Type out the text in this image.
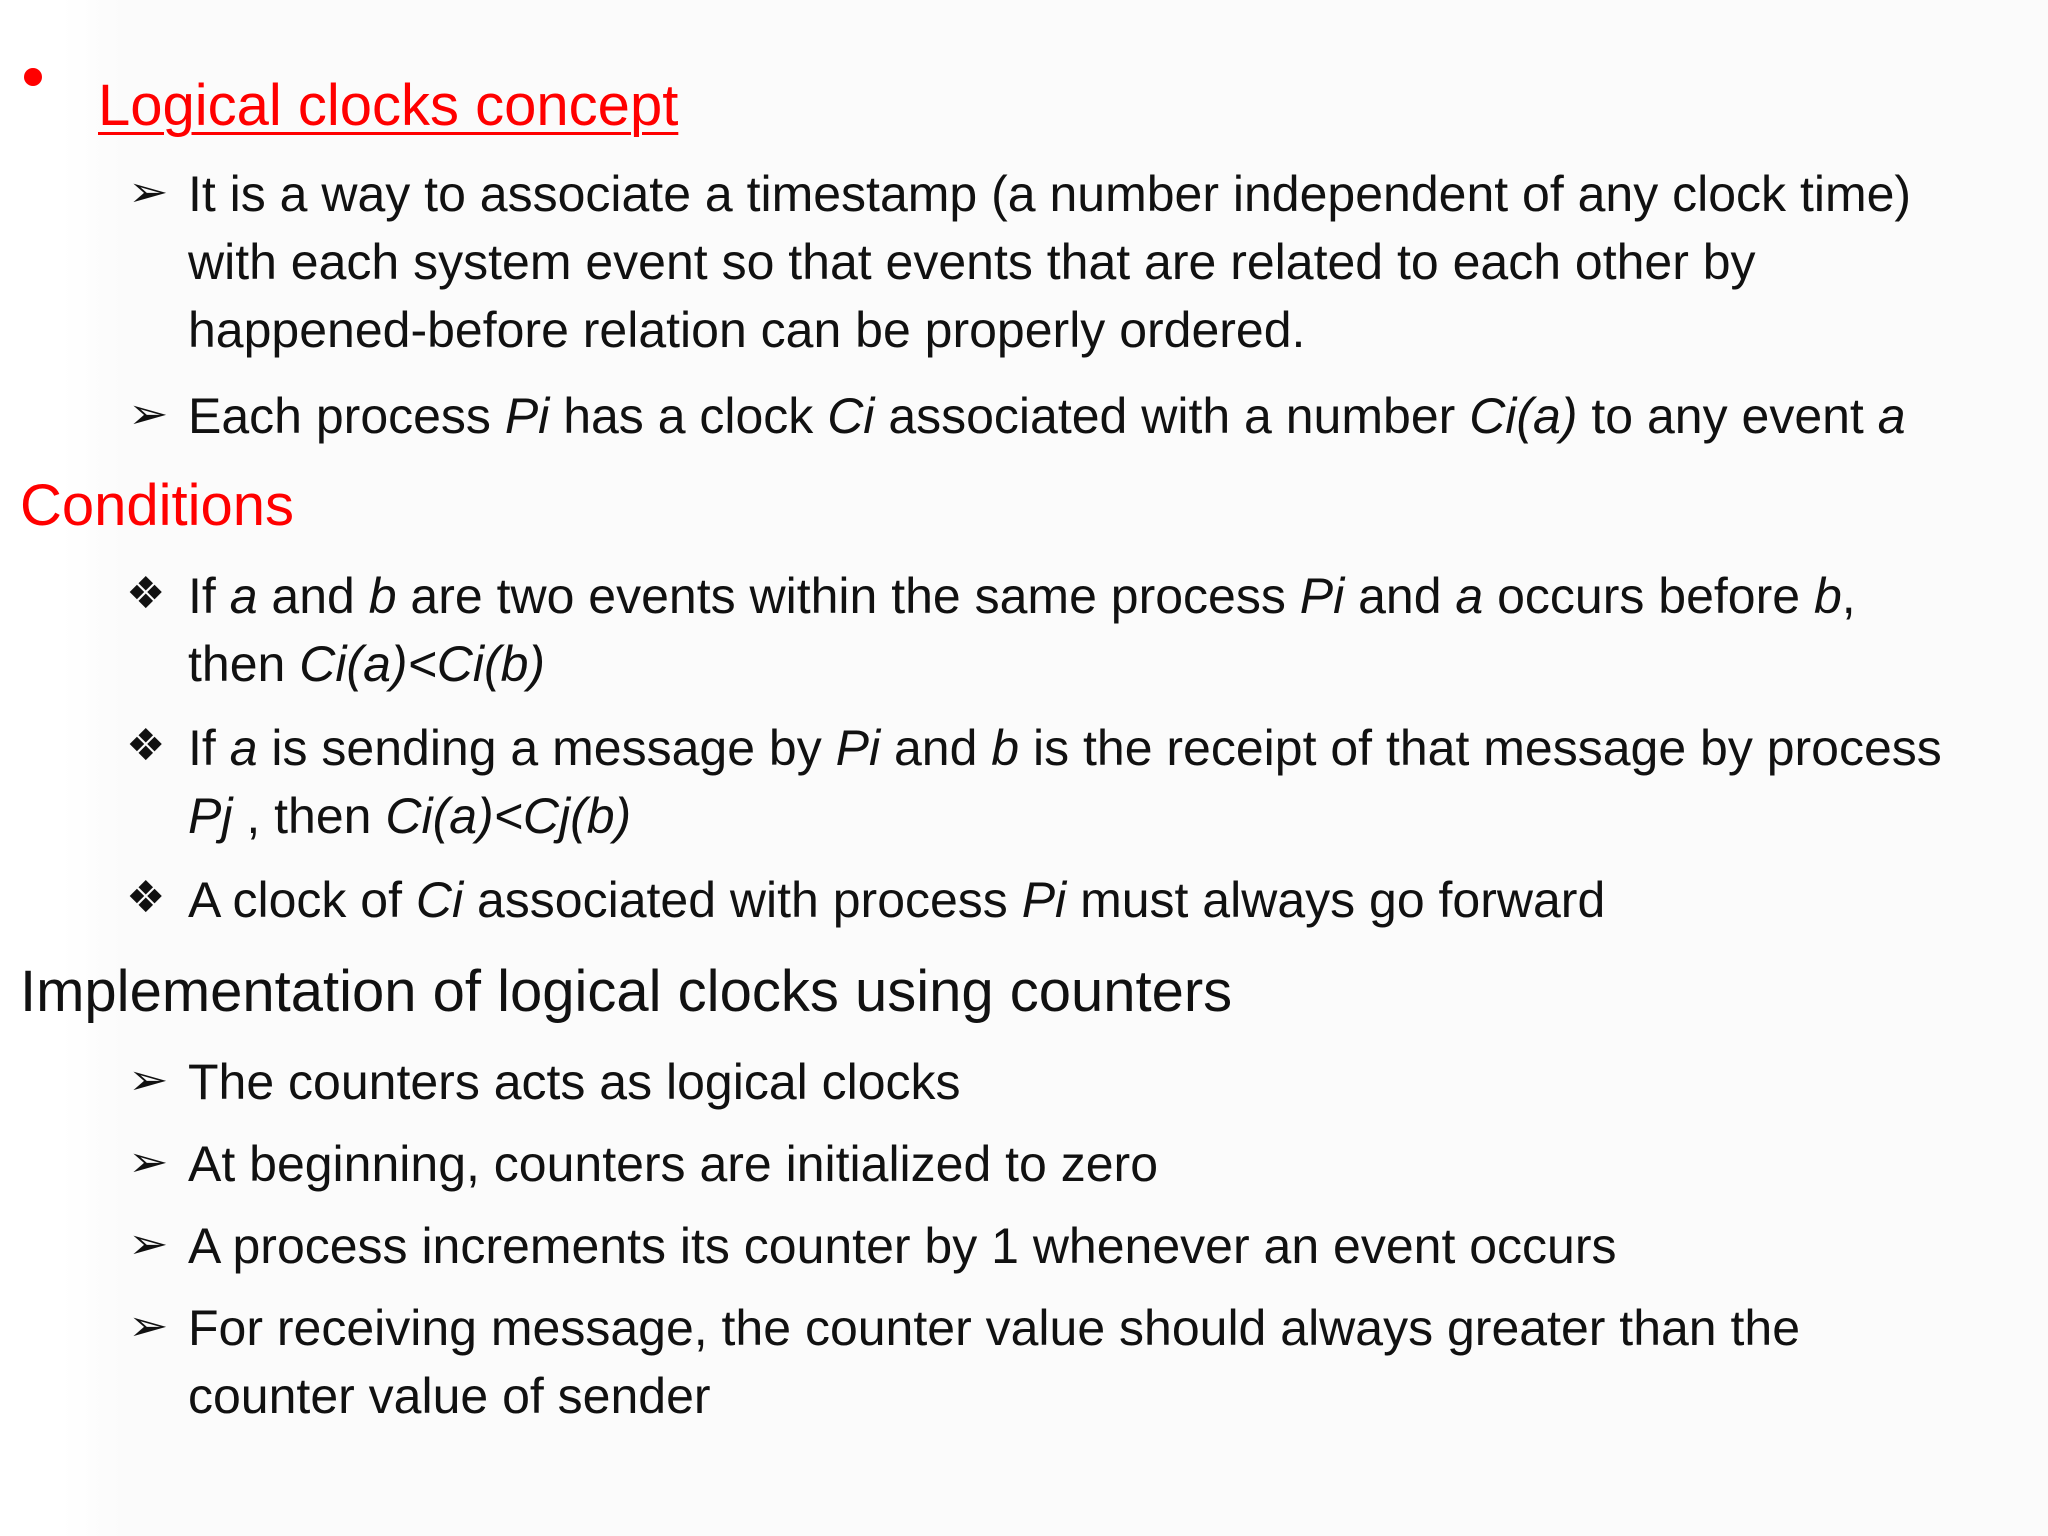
Logical clocks concept
➢ It is a way to associate a timestamp (a number independent of any clock time)
with each system event so that events that are related to each other by
happened-before relation can be properly ordered.
➢ Each process Pi has a clock Ci associated with a number Ci(a) to any event a
Conditions
❖ If a and b are two events within the same process Pi and a occurs before b,
then Ci(a)<Ci(b)
❖ If a is sending a message by Pi and b is the receipt of that message by process
Pj , then Ci(a)<Cj(b)
❖ A clock of Ci associated with process Pi must always go forward
Implementation of logical clocks using counters
➢ The counters acts as logical clocks
➢ At beginning, counters are initialized to zero
➢ A process increments its counter by 1 whenever an event occurs
➢ For receiving message, the counter value should always greater than the
counter value of sender
